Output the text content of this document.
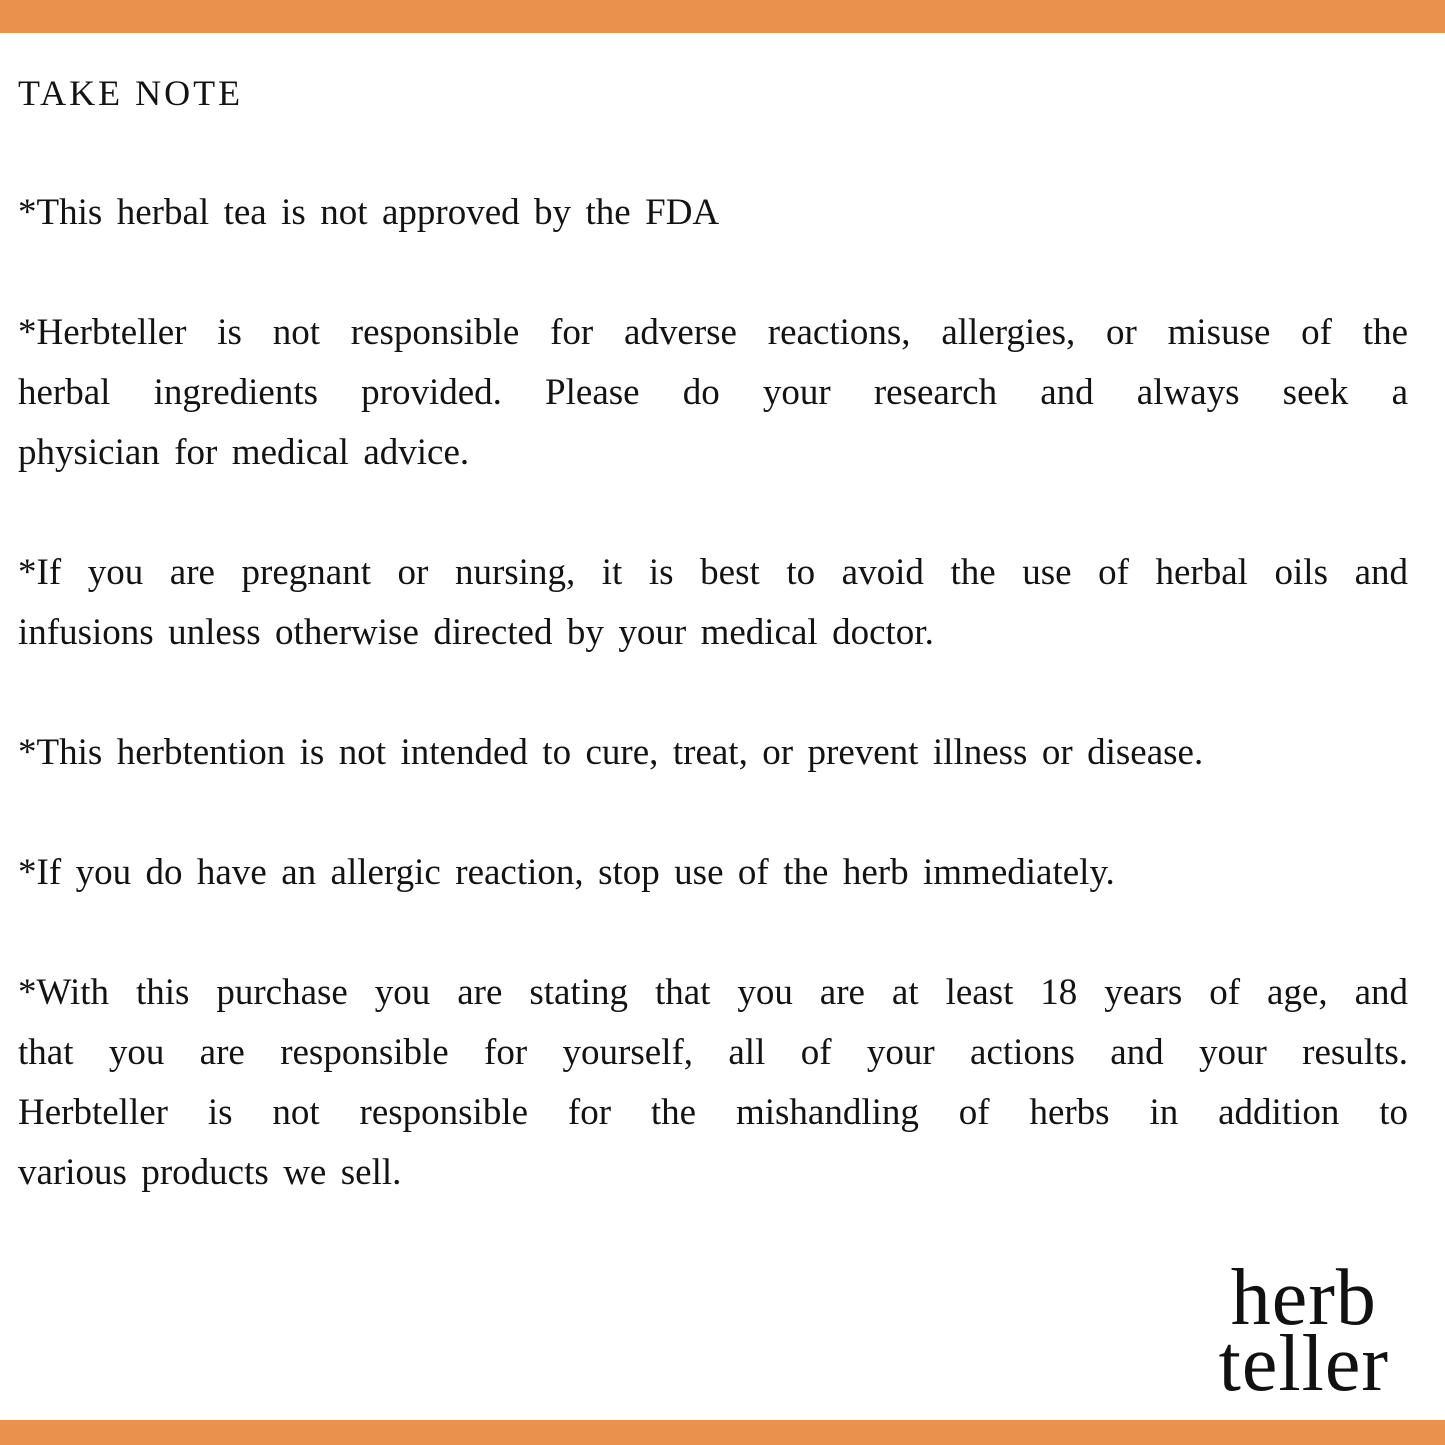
TAKE NOTE
*This herbal tea is not approved by the FDA
*Herbteller is not responsible for adverse reactions, allergies, or misuse of the
herbal ingredients provided. Please do your research and always seek a
physician for medical advice.
*If you are pregnant or nursing, it is best to avoid the use of herbal oils and
infusions unless otherwise directed by your medical doctor.
*This herbtention is not intended to cure, treat, or prevent illness or disease.
*If you do have an allergic reaction, stop use of the herb immediately.
*With this purchase you are stating that you are at least 18 years of age, and
that you are responsible for yourself, all of your actions and your results.
Herbteller is not responsible for the mishandling of herbs in addition to
various products we sell.
herb
teller
